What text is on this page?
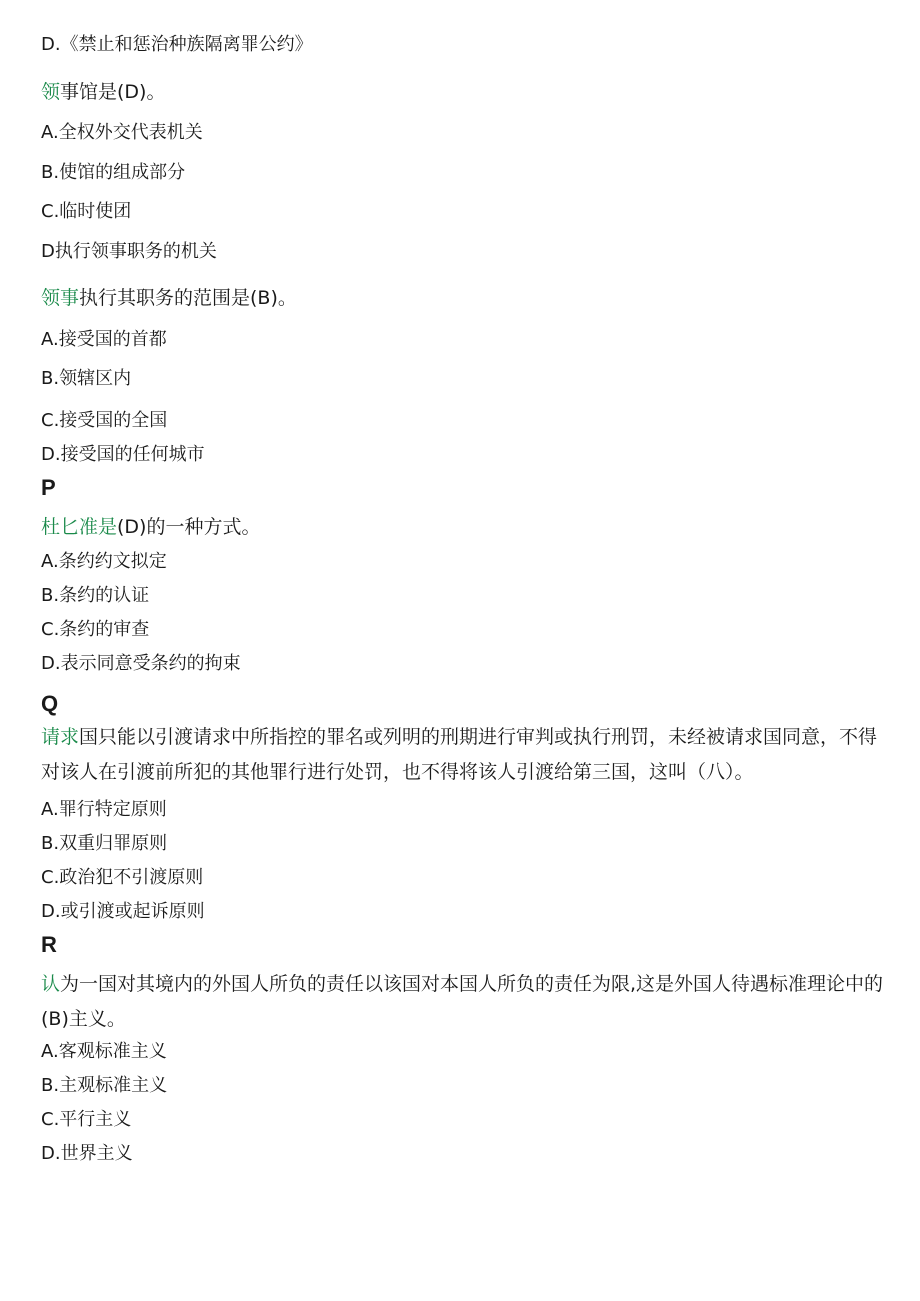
D.《禁止和惩治种族隔离罪公约》
领事馆是(D)。
A.全权外交代表机关
B.使馆的组成部分
C.临时使团
D执行领事职务的机关
领事执行其职务的范围是(B)。
A.接受国的首都
B.领辖区内
C.接受国的全国
D.接受国的任何城市
P
杜匕准是(D)的一种方式。
A.条约约文拟定
B.条约的认证
C.条约的审查
D.表示同意受条约的拘束
Q
请求国只能以引渡请求中所指控的罪名或列明的刑期进行审判或执行刑罚，未经被请求国同意，不得对该人在引渡前所犯的其他罪行进行处罚，也不得将该人引渡给第三国，这叫（八）。
A.罪行特定原则
B.双重归罪原则
C.政治犯不引渡原则
D.或引渡或起诉原则
R
认为一国对其境内的外国人所负的责任以该国对本国人所负的责任为限,这是外国人待遇标准理论中的(B)主义。
A.客观标准主义
B.主观标准主义
C.平行主义
D.世界主义
